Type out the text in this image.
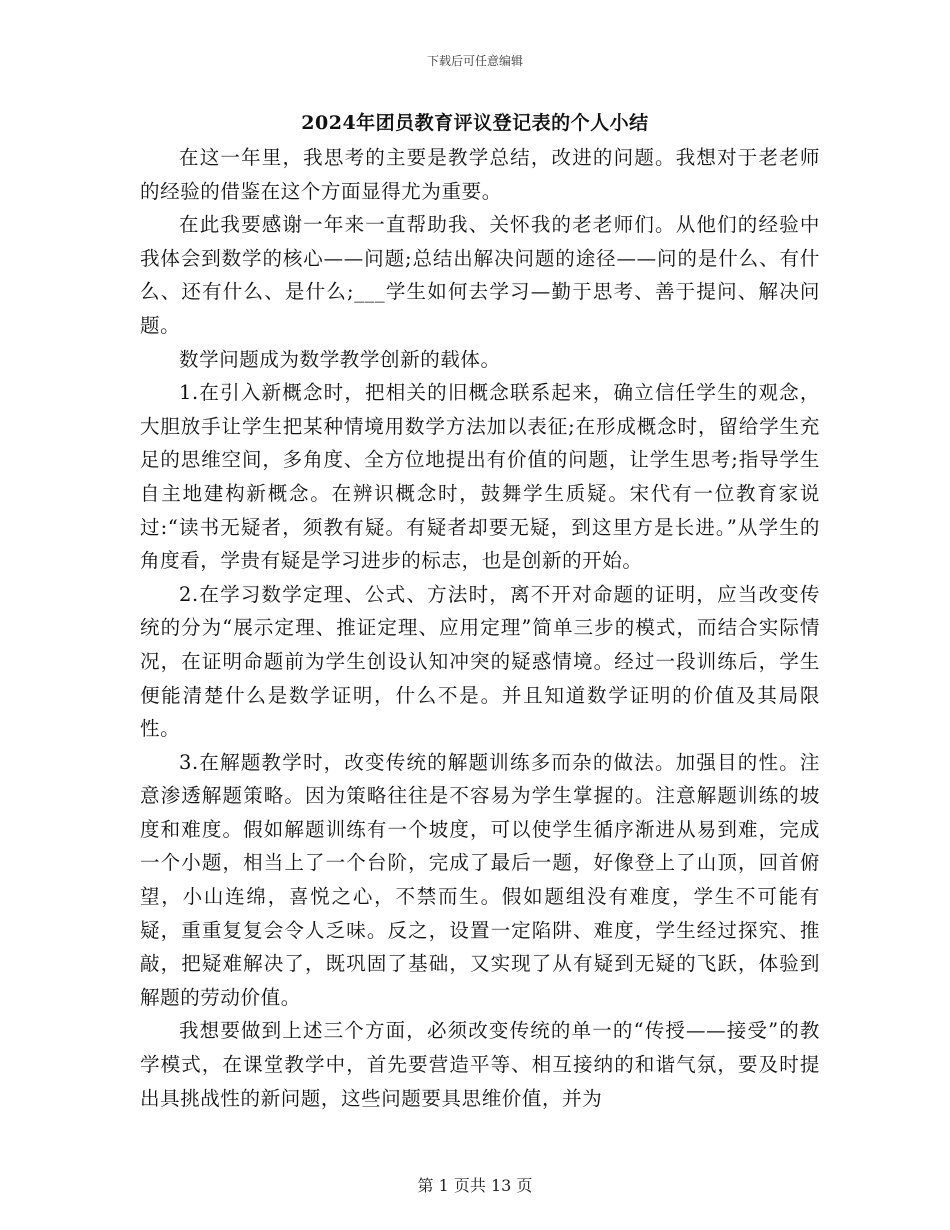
下载后可任意编辑
2024年团员教育评议登记表的个人小结

在这一年里，我思考的主要是教学总结，改进的问题。我想对于老老师的经验的借鉴在这个方面显得尤为重要。

在此我要感谢一年来一直帮助我、关怀我的老老师们。从他们的经验中我体会到数学的核心——问题;总结出解决问题的途径——问的是什么、有什么、还有什么、是什么;___学生如何去学习—勤于思考、善于提问、解决问题。

数学问题成为数学教学创新的载体。

1.在引入新概念时，把相关的旧概念联系起来，确立信任学生的观念，大胆放手让学生把某种情境用数学方法加以表征;在形成概念时，留给学生充足的思维空间，多角度、全方位地提出有价值的问题，让学生思考;指导学生自主地建构新概念。在辨识概念时，鼓舞学生质疑。宋代有一位教育家说过:“读书无疑者，须教有疑。有疑者却要无疑，到这里方是长进。”从学生的角度看，学贵有疑是学习进步的标志，也是创新的开始。

2.在学习数学定理、公式、方法时，离不开对命题的证明，应当改变传统的分为“展示定理、推证定理、应用定理”简单三步的模式，而结合实际情况，在证明命题前为学生创设认知冲突的疑惑情境。经过一段训练后，学生便能清楚什么是数学证明，什么不是。并且知道数学证明的价值及其局限性。

3.在解题教学时，改变传统的解题训练多而杂的做法。加强目的性。注意渗透解题策略。因为策略往往是不容易为学生掌握的。注意解题训练的坡度和难度。假如解题训练有一个坡度，可以使学生循序渐进从易到难，完成一个小题，相当上了一个台阶，完成了最后一题，好像登上了山顶，回首俯望，小山连绵，喜悦之心，不禁而生。假如题组没有难度，学生不可能有疑，重重复复会令人乏味。反之，设置一定陷阱、难度，学生经过探究、推敲，把疑难解决了，既巩固了基础，又实现了从有疑到无疑的飞跃，体验到解题的劳动价值。

我想要做到上述三个方面，必须改变传统的单一的“传授——接受”的教学模式，在课堂教学中，首先要营造平等、相互接纳的和谐气氛，要及时提出具挑战性的新问题，这些问题要具思维价值，并为

第 1 页共 13 页
